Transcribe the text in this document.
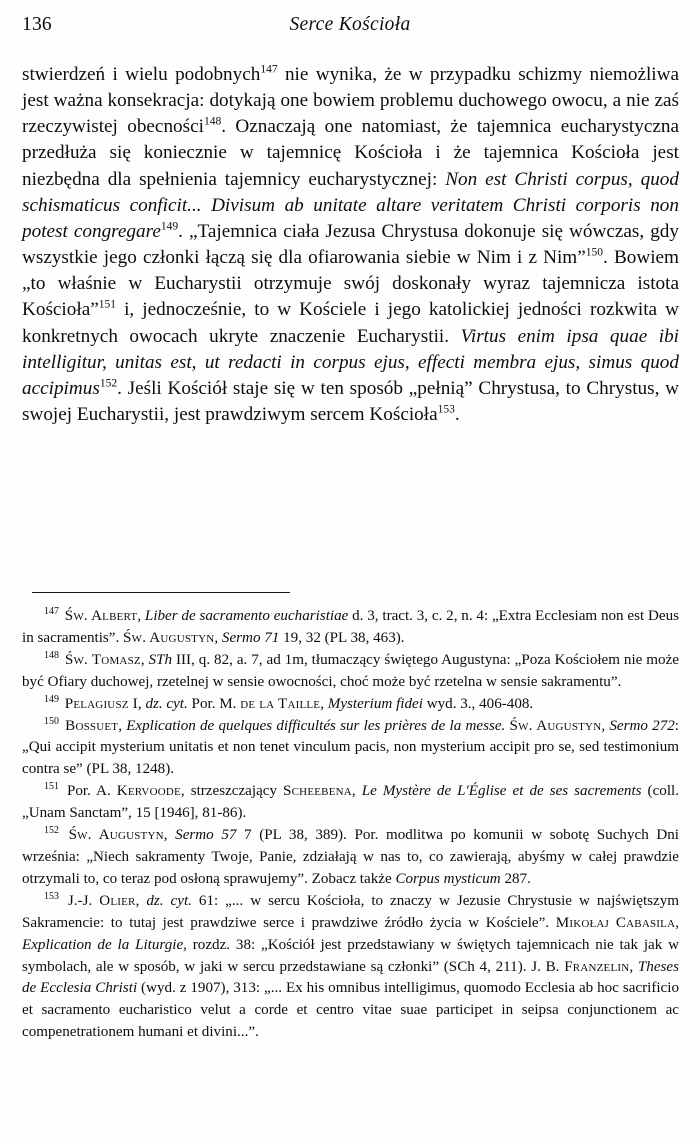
136	Serce Kościoła

stwierdzeń i wielu podobnych$^{147}$ nie wynika, że w przypadku schizmy niemożliwa jest ważna konsekracja: dotykają one bowiem problemu duchowego owocu, a nie zaś rzeczywistej obecności$^{148}$. Oznaczają one natomiast, że tajemnica eucharystyczna przedłuża się koniecznie w tajemnicę Kościoła i że tajemnica Kościoła jest niezbędna dla spełnienia tajemnicy eucharystycznej: Non est Christi corpus, quod schismaticus conficit... Divisum ab unitate altare veritatem Christi corporis non potest congregare$^{149}$. „Tajemnica ciała Jezusa Chrystusa dokonuje się wówczas, gdy wszystkie jego członki łączą się dla ofiarowania siebie w Nim i z Nim”$^{150}$. Bowiem „to właśnie w Eucharystii otrzymuje swój doskonały wyraz tajemnicza istota Kościoła”$^{151}$ i, jednocześnie, to w Kościele i jego katolickiej jedności rozkwita w konkretnych owocach ukryte znaczenie Eucharystii. Virtus enim ipsa quae ibi intelligitur, unitas est, ut redacti in corpus ejus, effecti membra ejus, simus quod accipimus$^{152}$. Jeśli Kościół staje się w ten sposób „pełnią” Chrystusa, to Chrystus, w swojej Eucharystii, jest prawdziwym sercem Kościoła$^{153}$.

$^{147}$ Św. Albert, Liber de sacramento eucharistiae d. 3, tract. 3, c. 2, n. 4: „Extra Ecclesiam non est Deus in sacramentis”. Św. Augustyn, Sermo 71 19, 32 (PL 38, 463).

$^{148}$ Św. Tomasz, STh III, q. 82, a. 7, ad 1m, tłumaczący świętego Augustyna: „Poza Kościołem nie może być Ofiary duchowej, rzetelnej w sensie owocności, choć może być rzetelna w sensie sakramentu”.

$^{149}$ Pelagiusz I, dz. cyt. Por. M. de la Taille, Mysterium fidei wyd. 3., 406-408.

$^{150}$ Bossuet, Explication de quelques difficultés sur les prières de la messe. Św. Augustyn, Sermo 272: „Qui accipit mysterium unitatis et non tenet vinculum pacis, non mysterium accipit pro se, sed testimonium contra se” (PL 38, 1248).

$^{151}$ Por. A. Kervoode, strzeszczający Scheebena, Le Mystère de L'Église et de ses sacrements (coll. „Unam Sanctam”, 15 [1946], 81-86).

$^{152}$ Św. Augustyn, Sermo 57 7 (PL 38, 389). Por. modlitwa po komunii w sobotę Suchych Dni września: „Niech sakramenty Twoje, Panie, zdziałają w nas to, co zawierają, abyśmy w całej prawdzie otrzymali to, co teraz pod osłoną sprawujemy”. Zobacz także Corpus mysticum 287.

$^{153}$ J.-J. Olier, dz. cyt. 61: „... w sercu Kościoła, to znaczy w Jezusie Chrystusie w najświętszym Sakramencie: to tutaj jest prawdziwe serce i prawdziwe źródło życia w Kościele”. Mikołaj Cabasila, Explication de la Liturgie, rozdz. 38: „Kościół jest przedstawiany w świętych tajemnicach nie tak jak w symbolach, ale w sposób, w jaki w sercu przedstawiane są członki” (SCh 4, 211). J. B. Franzelin, Theses de Ecclesia Christi (wyd. z 1907), 313: „... Ex his omnibus intelligimus, quomodo Ecclesia ab hoc sacrificio et sacramento eucharistico velut a corde et centro vitae suae participet in seipsa conjunctionem ac compenetrationem humani et divini...”.
